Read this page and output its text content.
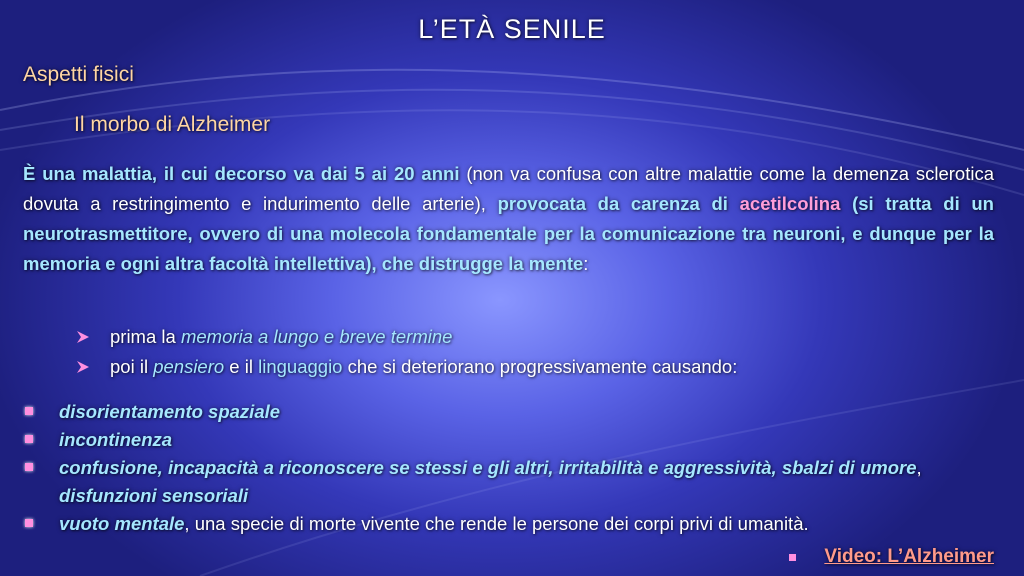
L’ETÀ SENILE
Aspetti fisici
Il morbo di Alzheimer
È una malattia, il cui decorso va dai 5 ai 20 anni (non va confusa con altre malattie come la demenza sclerotica dovuta a restringimento e indurimento delle arterie), provocata da carenza di acetilcolina (si tratta di un neurotrasmettitore, ovvero di una molecola fondamentale per la comunicazione tra neuroni, e dunque per la memoria e ogni altra facoltà intellettiva), che distrugge la mente:
prima la memoria a lungo e breve termine
poi il pensiero e il linguaggio che si deteriorano progressivamente causando:
disorientamento spaziale
incontinenza
confusione, incapacità a riconoscere se stessi e gli altri, irritabilità e aggressività, sbalzi di umore, disfunzioni sensoriali
vuoto mentale, una specie di morte vivente che rende le persone dei corpi privi di umanità.
Video: L’Alzheimer
